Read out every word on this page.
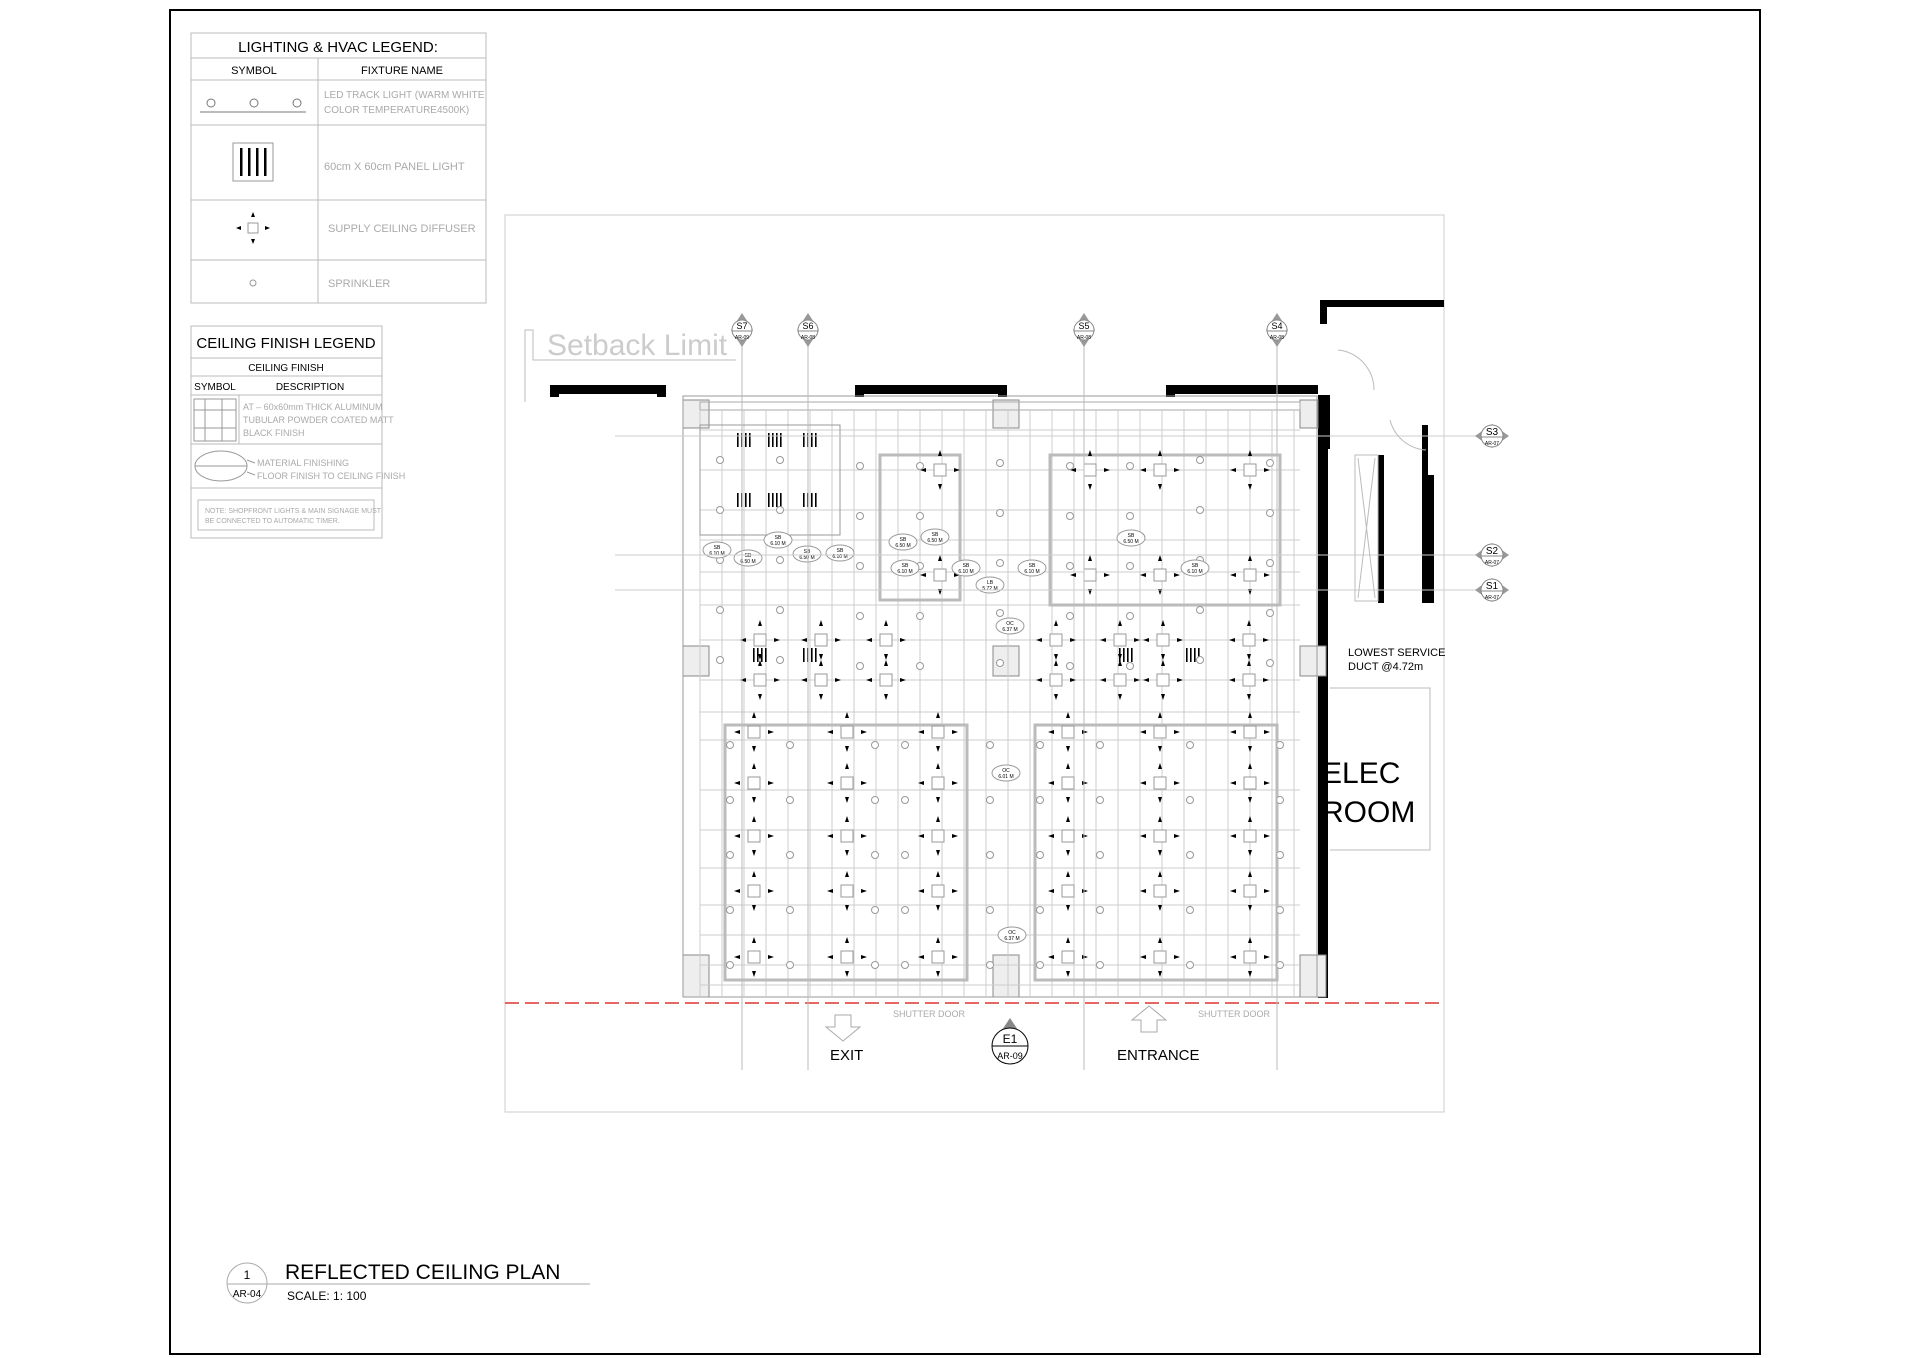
LIGHTING & HVAC LEGEND:
SYMBOL	FIXTURE NAME
LED TRACK LIGHT (WARM WHITE
COLOR TEMPERATURE4500K)
60cm X 60cm PANEL LIGHT
SUPPLY CEILING DIFFUSER
SPRINKLER
CEILING FINISH LEGEND
CEILING FINISH
SYMBOL	DESCRIPTION
AT – 60x60mm THICK ALUMINUM
TUBULAR POWDER COATED MATT
BLACK FINISH
MATERIAL FINISHING
FLOOR FINISH TO CEILING FINISH
NOTE: SHOPFRONT LIGHTS & MAIN SIGNAGE MUST
BE CONNECTED TO AUTOMATIC TIMER.
Setback Limit
SB
6.10 M	SB
6.50 M
SB
6.10 M
SB
6.50 M
SB
6.10 M
SB
6.50 M
SB
6.50 M
SB
6.10 M
SB
6.10 M
LB
5.72 M
SB
6.10 M
SB
6.50 M
SB
6.10 M
OC
6.37 M
OC
6.01 M
OC
6.37 M
S7
AR-09
S6
AR-08
S5
AR-08
S4
AR-08
S3
AR-07
S2
AR-07
S1
AR-07
LOWEST SERVICE
DUCT @4.72m
ELEC
ROOM
SHUTTER DOOR	SHUTTER DOOR
EXIT	ENTRANCE
E1
AR-09
1
AR-04
REFLECTED CEILING PLAN
SCALE: 1: 100
